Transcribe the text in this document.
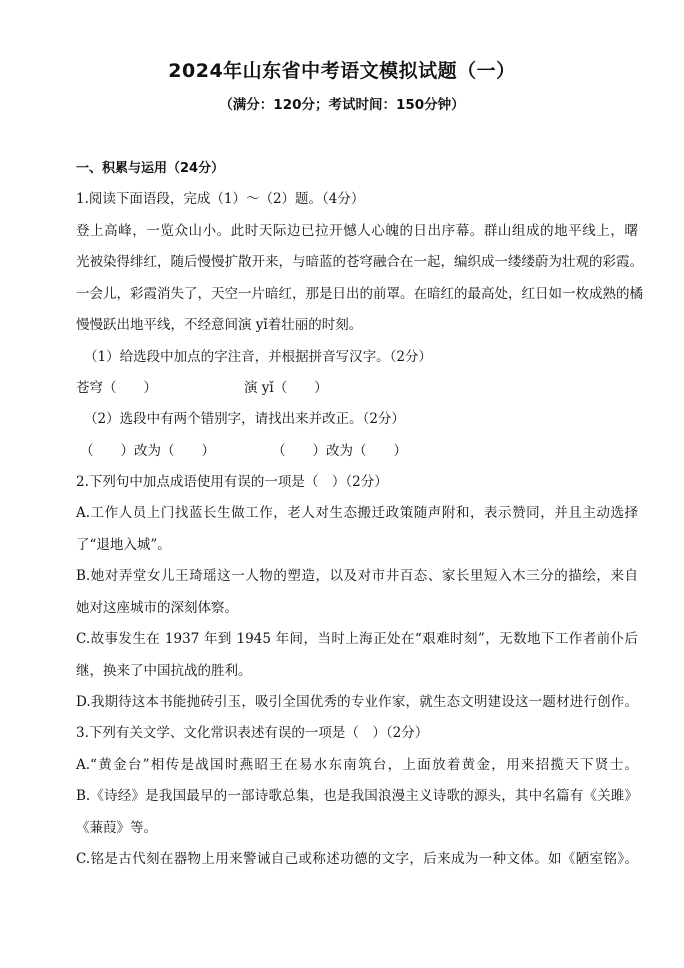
2024年山东省中考语文模拟试题（一）
（满分：120分；考试时间：150分钟）
一、积累与运用（24分）
1.阅读下面语段，完成（1）～（2）题。（4分）
登上高峰，一览众山小。此时天际边已拉开憾人心魄的日出序幕。群山组成的地平线上，曙
光被染得绯红，随后慢慢扩散开来，与暗蓝的苍穹融合在一起，编织成一缕缕蔚为壮观的彩霞。
一会儿，彩霞消失了，天空一片暗红，那是日出的前罩。在暗红的最高处，红日如一枚成熟的橘
慢慢跃出地平线，不经意间演 yǐ着壮丽的时刻。
（1）给选段中加点的字注音，并根据拼音写汉字。（2分）
苍穹（　　）	演 yǐ（　　）
（2）选段中有两个错别字，请找出来并改正。（2分）
（　　）改为（　　）	（　　）改为（　　）
2.下列句中加点成语使用有误的一项是（　）（2分）
A.工作人员上门找蓝长生做工作，老人对生态搬迁政策随声附和，表示赞同，并且主动选择
了“退地入城”。
B.她对弄堂女儿王琦瑶这一人物的塑造，以及对市井百态、家长里短入木三分的描绘，来自
她对这座城市的深刻体察。
C.故事发生在 1937 年到 1945 年间，当时上海正处在“艰难时刻”，无数地下工作者前仆后
继，换来了中国抗战的胜利。
D.我期待这本书能抛砖引玉，吸引全国优秀的专业作家，就生态文明建设这一题材进行创作。
3.下列有关文学、文化常识表述有误的一项是（　）（2分）
A.“黄金台”相传是战国时燕昭王在易水东南筑台，上面放着黄金，用来招揽天下贤士。
B.《诗经》是我国最早的一部诗歌总集，也是我国浪漫主义诗歌的源头，其中名篇有《关雎》
《蒹葭》等。
C.铭是古代刻在器物上用来警诫自己或称述功德的文字，后来成为一种文体。如《陋室铭》。
